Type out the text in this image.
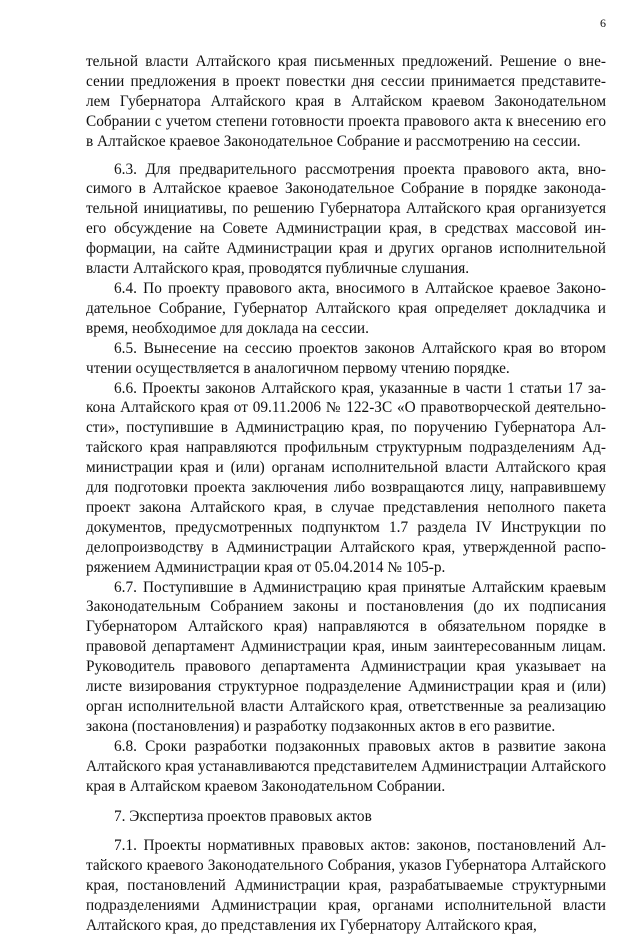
6

тельной власти Алтайского края письменных предложений. Решение о внесении предложения в проект повестки дня сессии принимается представителем Губернатора Алтайского края в Алтайском краевом Законодательном Собрании с учетом степени готовности проекта правового акта к внесению его в Алтайское краевое Законодательное Собрание и рассмотрению на сессии.

6.3. Для предварительного рассмотрения проекта правового акта, вносимого в Алтайское краевое Законодательное Собрание в порядке законодательной инициативы, по решению Губернатора Алтайского края организуется его обсуждение на Совете Администрации края, в средствах массовой информации, на сайте Администрации края и других органов исполнительной власти Алтайского края, проводятся публичные слушания.

6.4. По проекту правового акта, вносимого в Алтайское краевое Законодательное Собрание, Губернатор Алтайского края определяет докладчика и время, необходимое для доклада на сессии.

6.5. Вынесение на сессию проектов законов Алтайского края во втором чтении осуществляется в аналогичном первому чтению порядке.

6.6. Проекты законов Алтайского края, указанные в части 1 статьи 17 закона Алтайского края от 09.11.2006 № 122-ЗС «О правотворческой деятельности», поступившие в Администрацию края, по поручению Губернатора Алтайского края направляются профильным структурным подразделениям Администрации края и (или) органам исполнительной власти Алтайского края для подготовки проекта заключения либо возвращаются лицу, направившему проект закона Алтайского края, в случае представления неполного пакета документов, предусмотренных подпунктом 1.7 раздела IV Инструкции по делопроизводству в Администрации Алтайского края, утвержденной распоряжением Администрации края от 05.04.2014 № 105-р.

6.7. Поступившие в Администрацию края принятые Алтайским краевым Законодательным Собранием законы и постановления (до их подписания Губернатором Алтайского края) направляются в обязательном порядке в правовой департамент Администрации края, иным заинтересованным лицам. Руководитель правового департамента Администрации края указывает на листе визирования структурное подразделение Администрации края и (или) орган исполнительной власти Алтайского края, ответственные за реализацию закона (постановления) и разработку подзаконных актов в его развитие.

6.8. Сроки разработки подзаконных правовых актов в развитие закона Алтайского края устанавливаются представителем Администрации Алтайского края в Алтайском краевом Законодательном Собрании.

7. Экспертиза проектов правовых актов

7.1. Проекты нормативных правовых актов: законов, постановлений Алтайского краевого Законодательного Собрания, указов Губернатора Алтайского края, постановлений Администрации края, разрабатываемые структурными подразделениями Администрации края, органами исполнительной власти Алтайского края, до представления их Губернатору Алтайского края,
